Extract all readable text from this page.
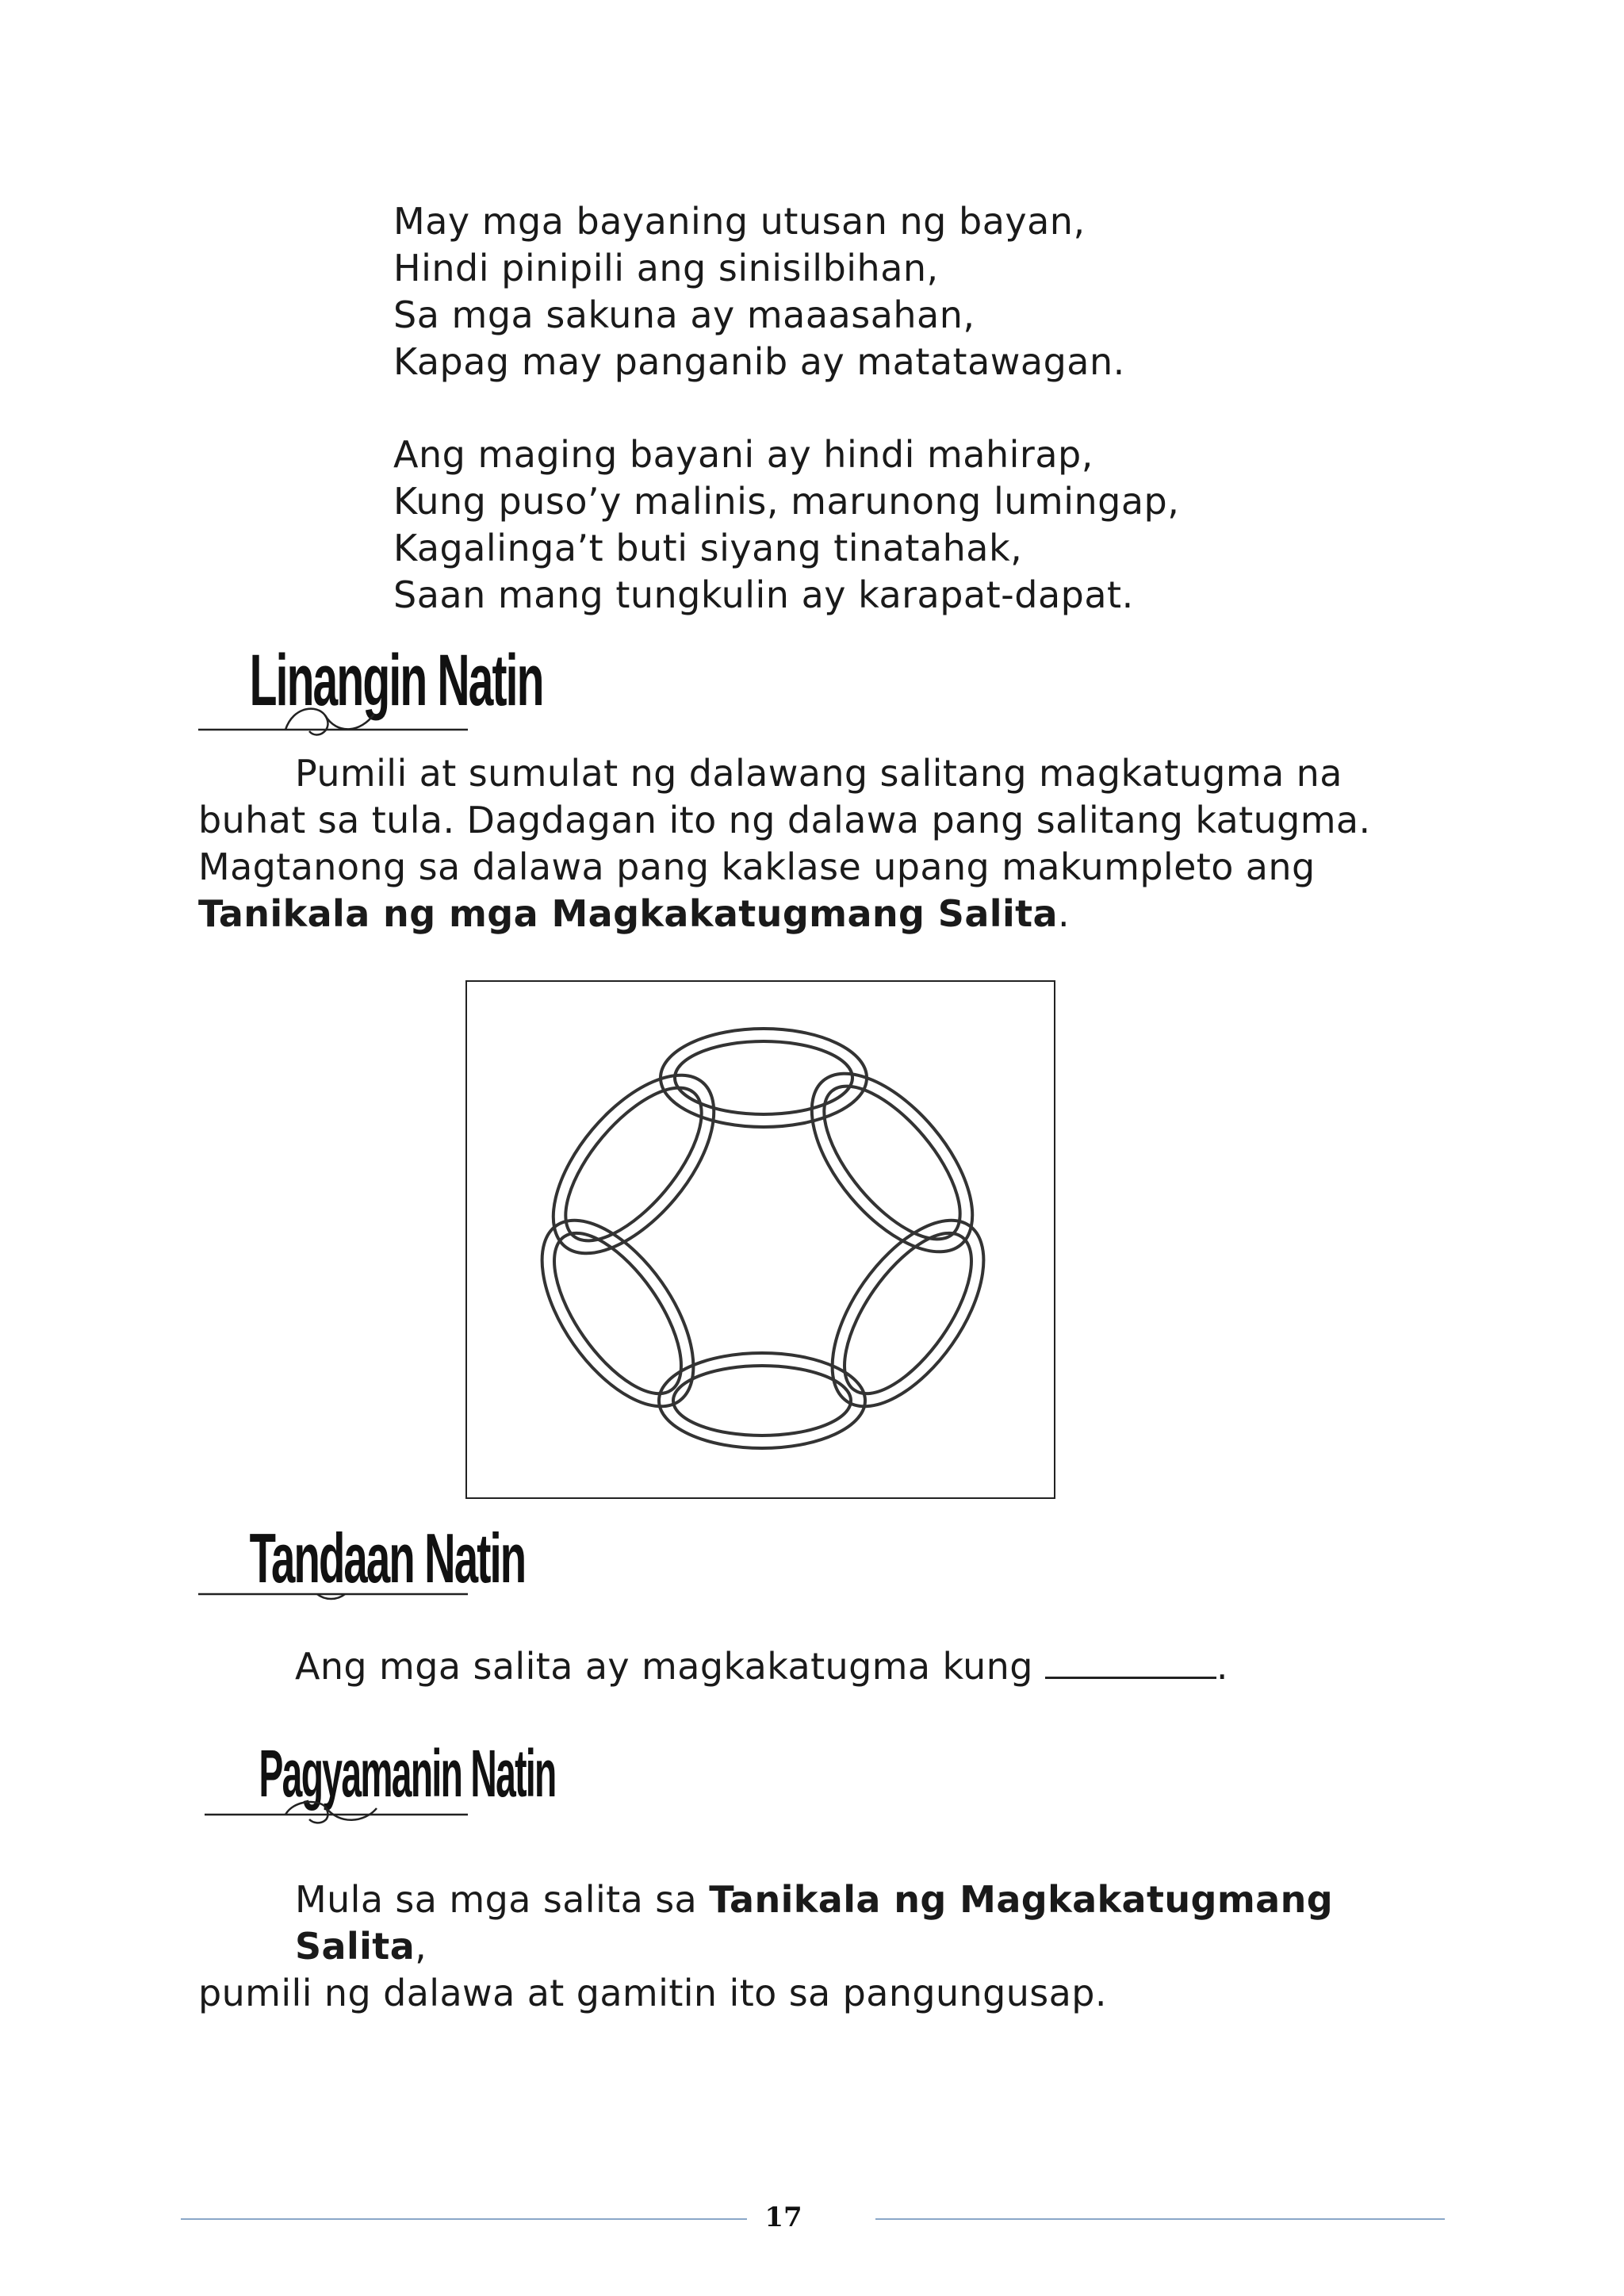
May mga bayaning utusan ng bayan,

Hindi pinipili ang sinisilbihan,

Sa mga sakuna ay maaasahan,

Kapag may panganib ay matatawagan.

Ang maging bayani ay hindi mahirap,

Kung puso’y malinis, marunong lumingap,

Kagalinga’t buti siyang tinatahak,

Saan mang tungkulin ay karapat-dapat.

Linangin Natin

Pumili at sumulat ng dalawang salitang magkatugma na

buhat sa tula. Dagdagan ito ng dalawa pang salitang katugma.

Magtanong sa dalawa pang kaklase upang makumpleto ang

Tanikala ng mga Magkakatugmang Salita.

Tandaan Natin

Ang mga salita ay magkakatugma kung	.

Pagyamanin Natin

Mula sa mga salita sa Tanikala ng Magkakatugmang Salita,

pumili ng dalawa at gamitin ito sa pangungusap.

17
